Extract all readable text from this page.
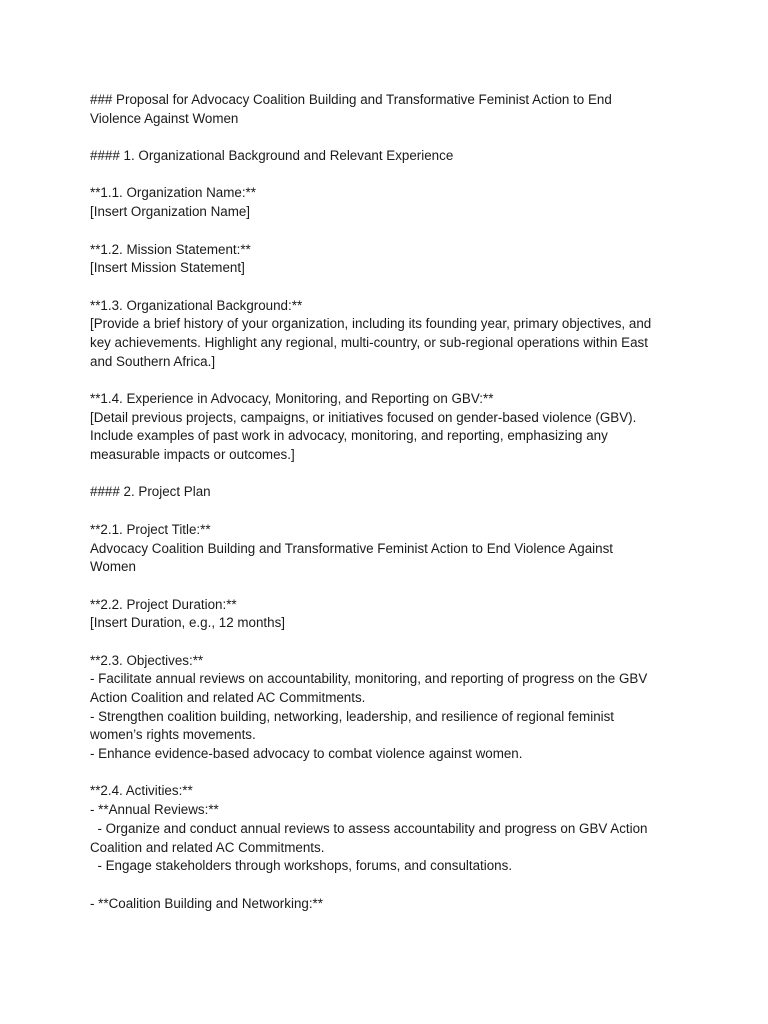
### Proposal for Advocacy Coalition Building and Transformative Feminist Action to End
Violence Against Women
#### 1. Organizational Background and Relevant Experience
**1.1. Organization Name:**
[Insert Organization Name]
**1.2. Mission Statement:**
[Insert Mission Statement]
**1.3. Organizational Background:**
[Provide a brief history of your organization, including its founding year, primary objectives, and
key achievements. Highlight any regional, multi-country, or sub-regional operations within East
and Southern Africa.]
**1.4. Experience in Advocacy, Monitoring, and Reporting on GBV:**
[Detail previous projects, campaigns, or initiatives focused on gender-based violence (GBV).
Include examples of past work in advocacy, monitoring, and reporting, emphasizing any
measurable impacts or outcomes.]
#### 2. Project Plan
**2.1. Project Title:**
Advocacy Coalition Building and Transformative Feminist Action to End Violence Against
Women
**2.2. Project Duration:**
[Insert Duration, e.g., 12 months]
**2.3. Objectives:**
- Facilitate annual reviews on accountability, monitoring, and reporting of progress on the GBV
Action Coalition and related AC Commitments.
- Strengthen coalition building, networking, leadership, and resilience of regional feminist
women’s rights movements.
- Enhance evidence-based advocacy to combat violence against women.
**2.4. Activities:**
- **Annual Reviews:**
- Organize and conduct annual reviews to assess accountability and progress on GBV Action
Coalition and related AC Commitments.
- Engage stakeholders through workshops, forums, and consultations.
- **Coalition Building and Networking:**
